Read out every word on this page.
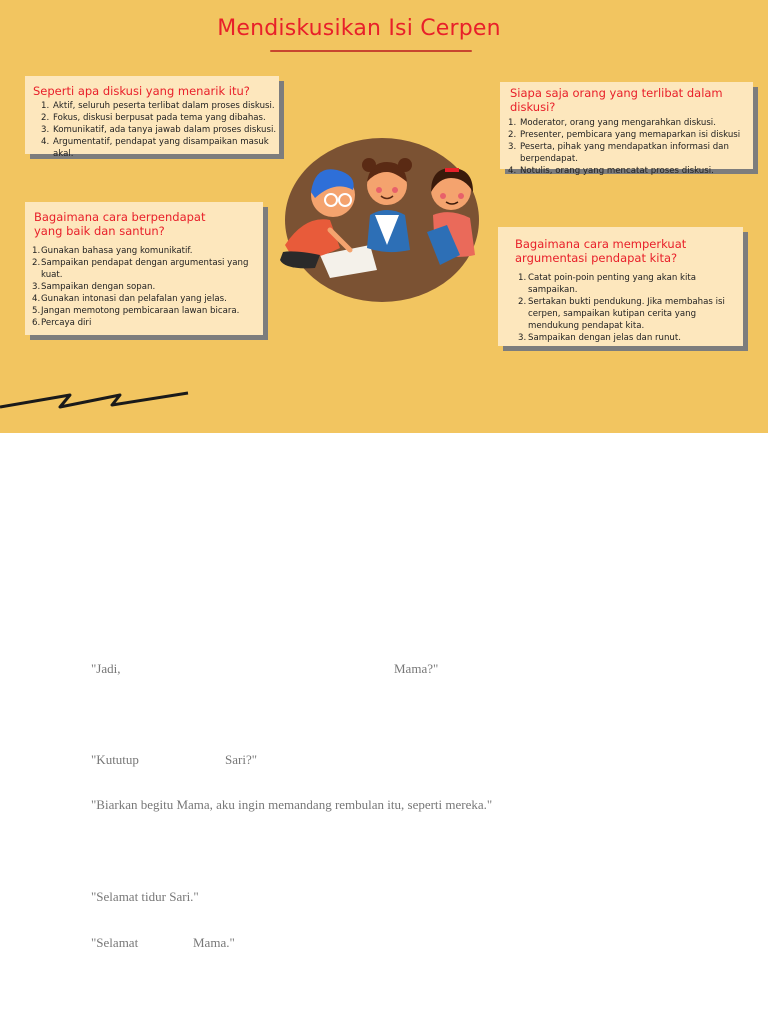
Mendiskusikan Isi Cerpen
Seperti apa diskusi yang menarik itu?
1. Aktif, seluruh peserta terlibat dalam proses diskusi.
2. Fokus, diskusi berpusat pada tema yang dibahas.
3. Komunikatif, ada tanya jawab dalam proses diskusi.
4. Argumentatif, pendapat yang disampaikan masuk akal.
Bagaimana cara berpendapat
yang baik dan santun?
1. Gunakan bahasa yang komunikatif.
2. Sampaikan pendapat dengan argumentasi yang kuat.
3. Sampaikan dengan sopan.
4. Gunakan intonasi dan pelafalan yang jelas.
5. Jangan memotong pembicaraan lawan bicara.
6. Percaya diri
Siapa saja orang yang terlibat dalam diskusi?
1. Moderator, orang yang mengarahkan diskusi.
2. Presenter, pembicara yang memaparkan isi diskusi
3. Peserta, pihak yang mendapatkan informasi dan berpendapat.
4. Notulis, orang yang mencatat proses diskusi.
Bagaimana cara memperkuat
argumentasi pendapat kita?
1. Catat poin-poin penting yang akan kita sampaikan.
2. Sertakan bukti pendukung. Jika membahas isi cerpen, sampaikan kutipan cerita yang mendukung pendapat kita.
3. Sampaikan dengan jelas dan runut.
"Jadi,	Mama?"
"Kututup	Sari?"
"Biarkan begitu Mama, aku ingin memandang rembulan itu, seperti mereka."
"Selamat tidur Sari."
"Selamat	Mama."
